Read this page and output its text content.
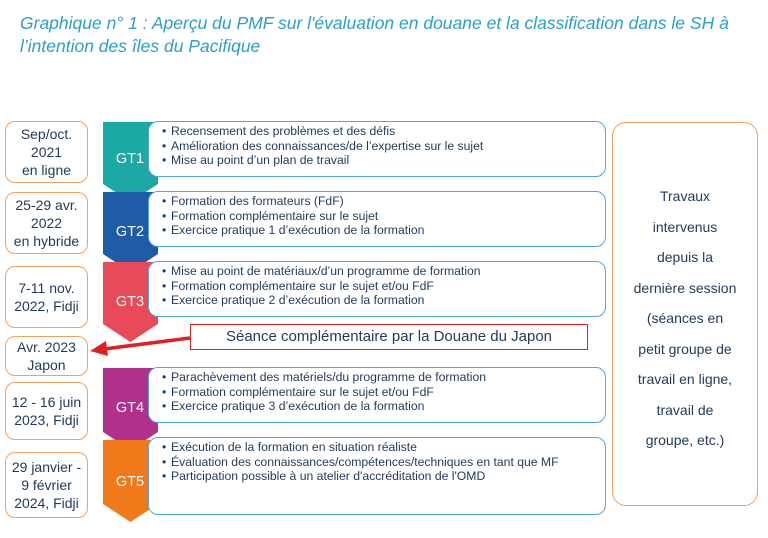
Graphique n° 1 : Aperçu du PMF sur l'évaluation en douane et la classification dans le SH à l’intention des îles du Pacifique
GT1
GT2
GT3
GT4
GT5
Sep/oct.
2021
en ligne
25-29 avr.
2022
en hybride
7-11 nov.
2022, Fidji
Avr. 2023
Japon
12 - 16 juin
2023, Fidji
29 janvier -
9 février
2024, Fidji
• Recensement des problèmes et des défis
• Amélioration des connaissances/de l’expertise sur le sujet
• Mise au point d’un plan de travail
• Formation des formateurs (FdF)
• Formation complémentaire sur le sujet
• Exercice pratique 1 d’exécution de la formation
• Mise au point de matériaux/d’un programme de formation
• Formation complémentaire sur le sujet et/ou FdF
• Exercice pratique 2 d’exécution de la formation
• Parachèvement des matériels/du programme de formation
• Formation complémentaire sur le sujet et/ou FdF
• Exercice pratique 3 d’exécution de la formation
• Exécution de la formation en situation réaliste
• Évaluation des connaissances/compétences/techniques en tant que MF
• Participation possible à un atelier d'accréditation de l'OMD
Séance complémentaire par la Douane du Japon
Travaux
intervenus
depuis la
dernière session
(séances en
petit groupe de
travail en ligne,
travail de
groupe, etc.)
